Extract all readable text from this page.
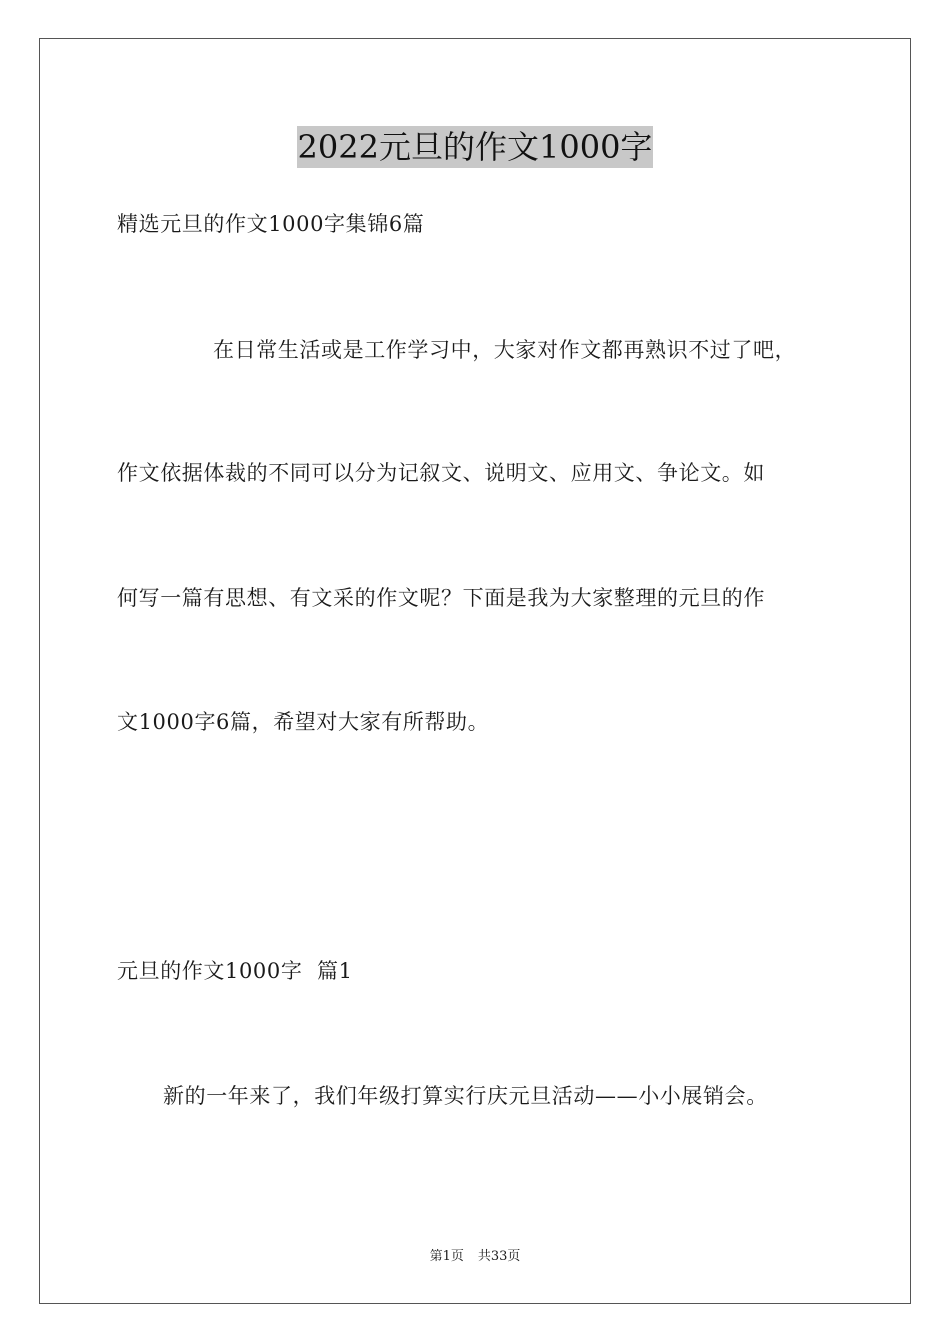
2022元旦的作文1000字
精选元旦的作文1000字集锦6篇
在日常生活或是工作学习中，大家对作文都再熟识不过了吧，
作文依据体裁的不同可以分为记叙文、说明文、应用文、争论文。如
何写一篇有思想、有文采的作文呢？下面是我为大家整理的元旦的作
文1000字6篇，希望对大家有所帮助。
元旦的作文1000字  篇1
新的一年来了，我们年级打算实行庆元旦活动——小小展销会。
第1页 共33页
